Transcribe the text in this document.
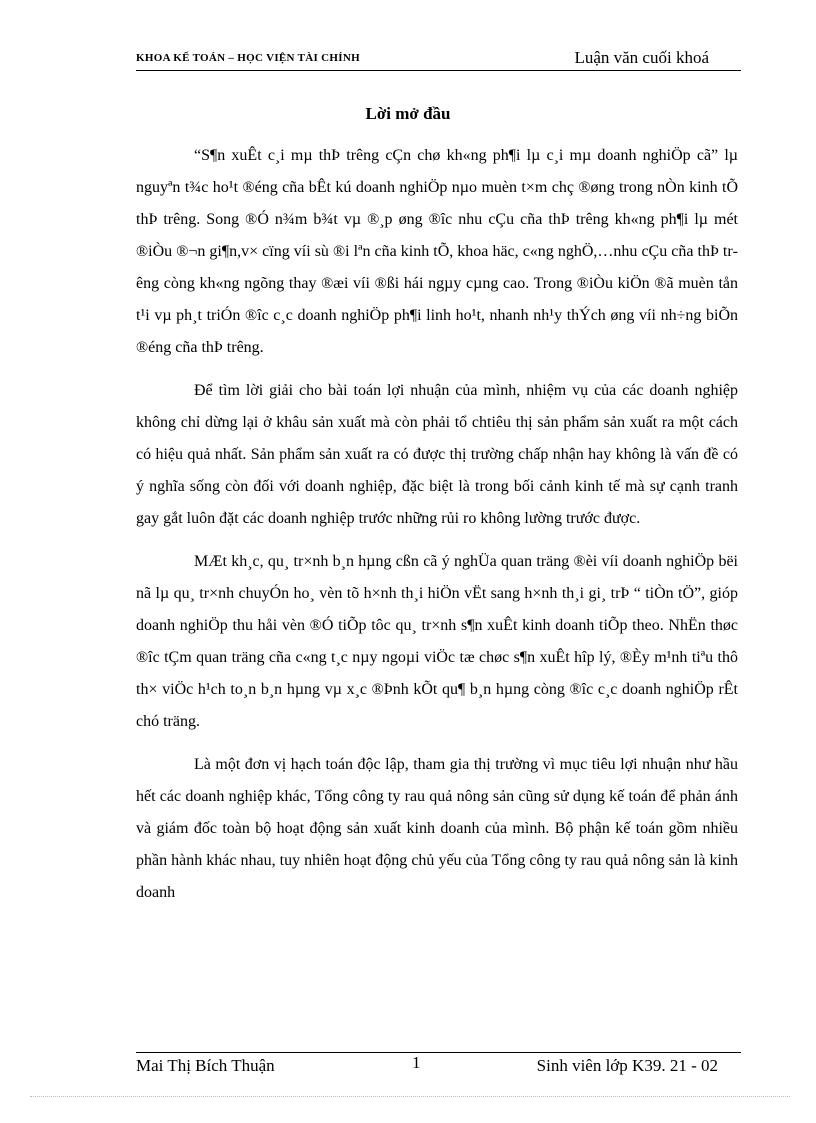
KHOA KẾ TOÁN – HỌC VIỆN TÀI CHÍNH	Luận văn cuối khoá
Lời mở đầu

“S¶n xuÊt c¸i mµ thÞ trêng cÇn chø kh«ng ph¶i lµ c¸i mµ doanh nghiÖp cã” lµ nguyªn t¾c ho¹t ®éng cña bÊt kú doanh nghiÖp nµo muèn t×m chç ®øng trong nÒn kinh tÕ thÞ trêng. Song ®Ó n¾m b¾t vµ ®¸p øng ®îc nhu cÇu cña thÞ trêng kh«ng ph¶i lµ mét ®iÒu ®¬n gi¶n,v× cïng víi sù ®i lªn cña kinh tÕ, khoa häc, c«ng nghÖ,…nhu cÇu cña thÞ trêng còng kh«ng ngõng thay ®æi víi ®ßi hái ngµy cµng cao. Trong ®iÒu kiÖn ®ã muèn tån t¹i vµ ph¸t triÓn ®îc c¸c doanh nghiÖp ph¶i linh ho¹t, nhanh nh¹y thÝch øng víi nh÷ng biÕn ®éng cña thÞ trêng.

Để tìm lời giải cho bài toán lợi nhuận của mình, nhiệm vụ của các doanh nghiệp không chỉ dừng lại ở khâu sản xuất mà còn phải tổ chtiêu thị sản phẩm sản xuất ra một cách có hiệu quả nhất. Sản phẩm sản xuất ra có được thị trường chấp nhận hay không là vấn đề có ý nghĩa sống còn đối với doanh nghiệp, đặc biệt là trong bối cảnh kinh tế mà sự cạnh tranh gay gắt luôn đặt các doanh nghiệp trước những rủi ro không lường trước được.

MÆt kh¸c, qu¸ tr×nh b¸n hµng cßn cã ý nghÜa quan träng ®èi víi doanh nghiÖp bëi nã lµ qu¸ tr×nh chuyÓn ho¸ vèn tõ h×nh th¸i hiÖn vËt sang h×nh th¸i gi¸ trÞ “ tiÒn tÖ”, gióp doanh nghiÖp thu håi vèn ®Ó tiÕp tôc qu¸ tr×nh s¶n xuÊt kinh doanh tiÕp theo. NhËn thøc ®îc tÇm quan träng cña c«ng t¸c nµy ngoµi viÖc tæ chøc s¶n xuÊt hîp lý, ®Èy m¹nh tiªu thô th× viÖc h¹ch to¸n b¸n hµng vµ x¸c ®Þnh kÕt qu¶ b¸n hµng còng ®îc c¸c doanh nghiÖp rÊt chó träng.

Là một đơn vị hạch toán độc lập, tham gia thị trường vì mục tiêu lợi nhuận như hầu hết các doanh nghiệp khác, Tổng công ty rau quả nông sản cũng sử dụng kế toán để phản ánh và giám đốc toàn bộ hoạt động sản xuất kinh doanh của mình. Bộ phận kế toán gồm nhiều phần hành khác nhau, tuy nhiên hoạt động chủ yếu của Tổng công ty rau quả nông sản là kinh doanh

Mai Thị Bích Thuận	1	Sinh viên lớp K39. 21 - 02
